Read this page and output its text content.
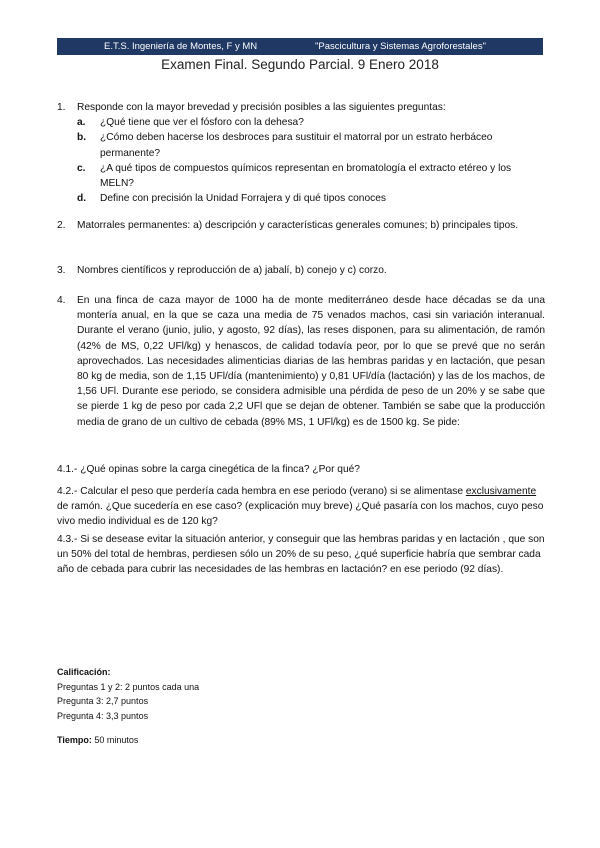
E.T.S. Ingeniería de Montes, F y MN	"Pascicultura y Sistemas Agroforestales"
Examen Final. Segundo Parcial. 9 Enero 2018
1. Responde con la mayor brevedad y precisión posibles a las siguientes preguntas:
a. ¿Qué tiene que ver el fósforo con la dehesa?
b. ¿Cómo deben hacerse los desbroces para sustituir el matorral por un estrato herbáceo permanente?
c. ¿A qué tipos de compuestos químicos representan en bromatología el extracto etéreo y los MELN?
d. Define con precisión la Unidad Forrajera y di qué tipos conoces
2. Matorrales permanentes: a) descripción y características generales comunes; b) principales tipos.
3. Nombres científicos y reproducción de a) jabalí, b) conejo y c) corzo.
4. En una finca de caza mayor de 1000 ha de monte mediterráneo desde hace décadas se da una montería anual, en la que se caza una media de 75 venados machos, casi sin variación interanual. Durante el verano (junio, julio, y agosto, 92 días), las reses disponen, para su alimentación, de ramón (42% de MS, 0,22 UFl/kg) y henascos, de calidad todavía peor, por lo que se prevé que no serán aprovechados. Las necesidades alimenticias diarias de las hembras paridas y en lactación, que pesan 80 kg de media, son de 1,15 UFl/día (mantenimiento) y 0,81 UFl/día (lactación) y las de los machos, de 1,56 UFl. Durante ese periodo, se considera admisible una pérdida de peso de un 20% y se sabe que se pierde 1 kg de peso por cada 2,2 UFl que se dejan de obtener. También se sabe que la producción media de grano de un cultivo de cebada (89% MS, 1 UFl/kg) es de 1500 kg. Se pide:
4.1.- ¿Qué opinas sobre la carga cinegética de la finca? ¿Por qué?
4.2.- Calcular el peso que perdería cada hembra en ese periodo (verano) si se alimentase exclusivamente de ramón. ¿Que sucedería en ese caso? (explicación muy breve) ¿Qué pasaría con los machos, cuyo peso vivo medio individual es de 120 kg?
4.3.- Si se desease evitar la situación anterior, y conseguir que las hembras paridas y en lactación , que son un 50% del total de hembras, perdiesen sólo un 20% de su peso, ¿qué superficie habría que sembrar cada año de cebada para cubrir las necesidades de las hembras en lactación? en ese periodo (92 días).
Calificación:
Preguntas 1 y 2: 2 puntos cada una
Pregunta 3: 2,7 puntos
Pregunta 4: 3,3 puntos
Tiempo: 50 minutos
